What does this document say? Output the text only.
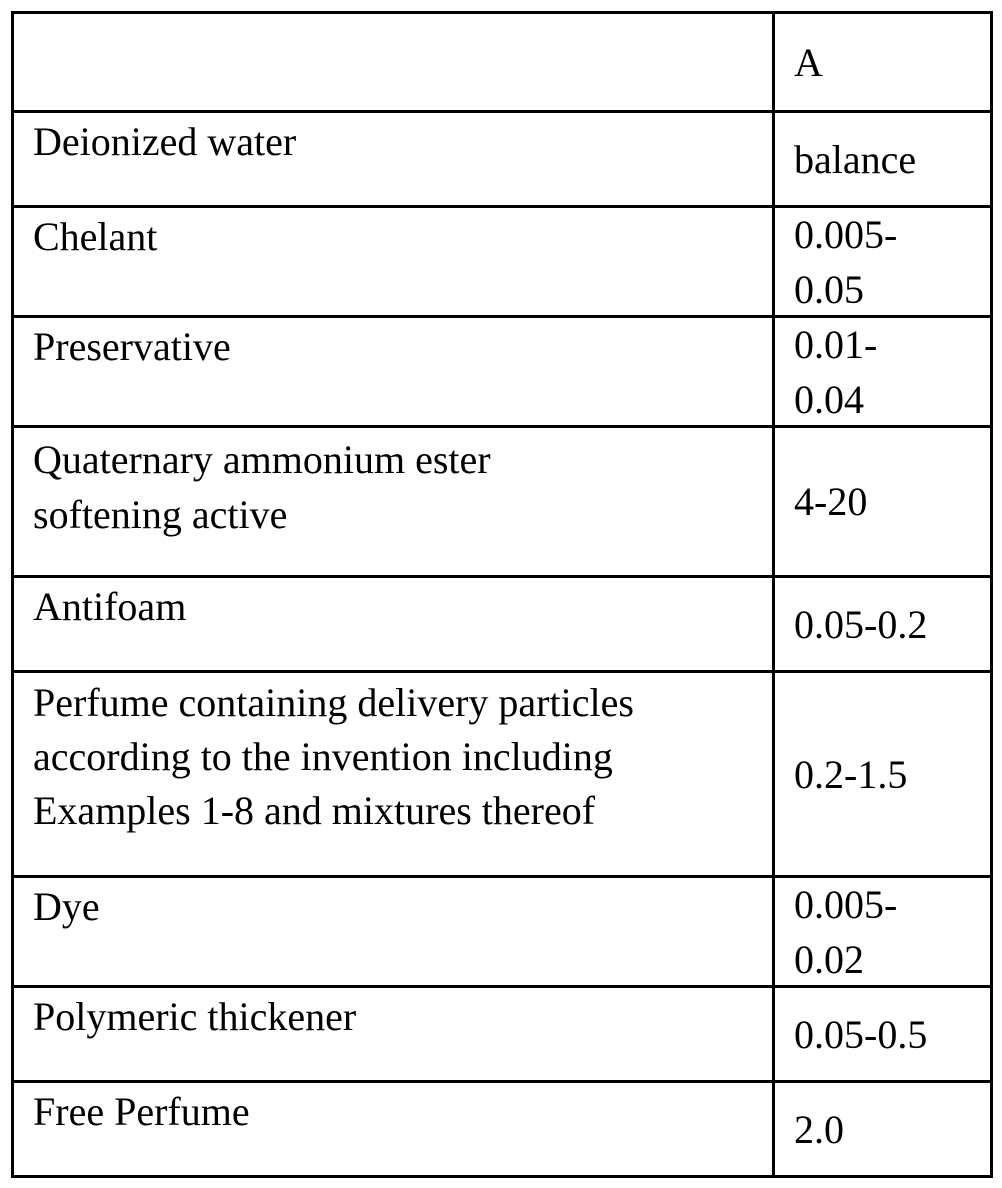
A
Deionized water	balance
Chelant	0.005-
0.05
Preservative	0.01-
0.04
Quaternary ammonium ester softening active	4-20
Antifoam	0.05-0.2
Perfume containing delivery particles according to the invention including Examples 1-8 and mixtures thereof
0.2-1.5
Dye	0.005-
0.02
Polymeric thickener	0.05-0.5
Free Perfume	2.0
